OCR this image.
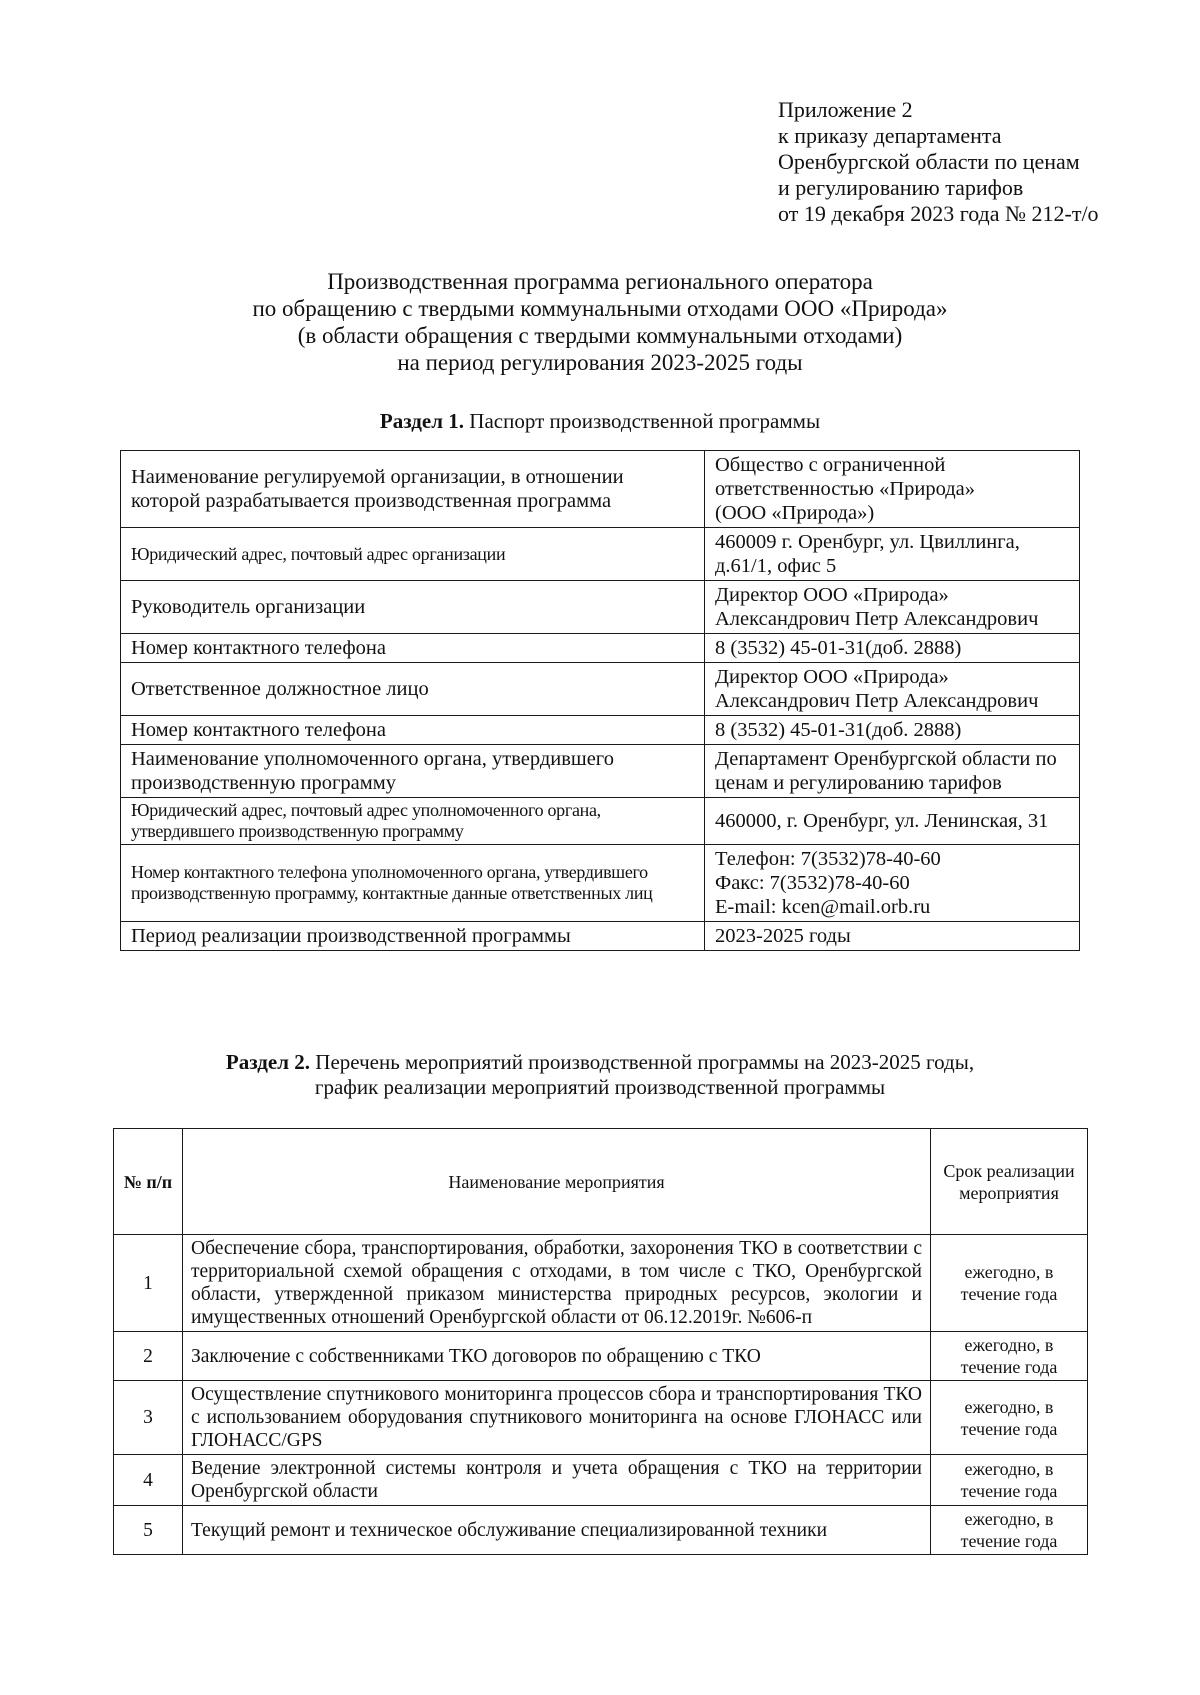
Приложение 2
к приказу департамента
Оренбургской области по ценам
и регулированию тарифов
от 19 декабря 2023 года № 212-т/о
Производственная программа регионального оператора
по обращению с твердыми коммунальными отходами ООО «Природа»
(в области обращения с твердыми коммунальными отходами)
на период регулирования 2023-2025 годы
Раздел 1. Паспорт производственной программы
Наименование регулируемой организации, в отношении которой разрабатывается производственная программа	Общество с ограниченной
ответственностью «Природа»
(ООО «Природа»)

Юридический адрес, почтовый адрес организации	460009 г. Оренбург, ул. Цвиллинга,
д.61/1, офис 5

Руководитель организации	Директор ООО «Природа»
Александрович Петр Александрович

Номер контактного телефона	8 (3532) 45-01-31(доб. 2888)

Ответственное должностное лицо	Директор ООО «Природа»
Александрович Петр Александрович

Номер контактного телефона	8 (3532) 45-01-31(доб. 2888)

Наименование уполномоченного органа, утвердившего производственную программу	Департамент Оренбургской области по
ценам и регулированию тарифов

Юридический адрес, почтовый адрес уполномоченного органа, утвердившего производственную программу	460000, г. Оренбург, ул. Ленинская, 31

Номер контактного телефона уполномоченного органа, утвердившего производственную программу, контактные данные ответственных лиц	Телефон: 7(3532)78-40-60
Факс: 7(3532)78-40-60
E-mail: kcen@mail.orb.ru

Период реализации производственной программы	2023-2025 годы
Раздел 2. Перечень мероприятий производственной программы на 2023-2025 годы,
график реализации мероприятий производственной программы
№ п/п	Наименование мероприятия	Срок реализации мероприятия
1	Обеспечение сбора, транспортирования, обработки, захоронения ТКО в соответствии с территориальной схемой обращения с отходами, в том числе с ТКО, Оренбургской области, утвержденной приказом министерства природных ресурсов, экологии и имущественных отношений Оренбургской области от 06.12.2019г. №606-п	ежегодно, в течение года
2	Заключение с собственниками ТКО договоров по обращению с ТКО	ежегодно, в течение года
3	Осуществление спутникового мониторинга процессов сбора и транспортирования ТКО с использованием оборудования спутникового мониторинга на основе ГЛОНАСС или ГЛОНАСС/GPS	ежегодно, в течение года
4	Ведение электронной системы контроля и учета обращения с ТКО на территории Оренбургской области	ежегодно, в течение года
5	Текущий ремонт и техническое обслуживание специализированной техники	ежегодно, в течение года
